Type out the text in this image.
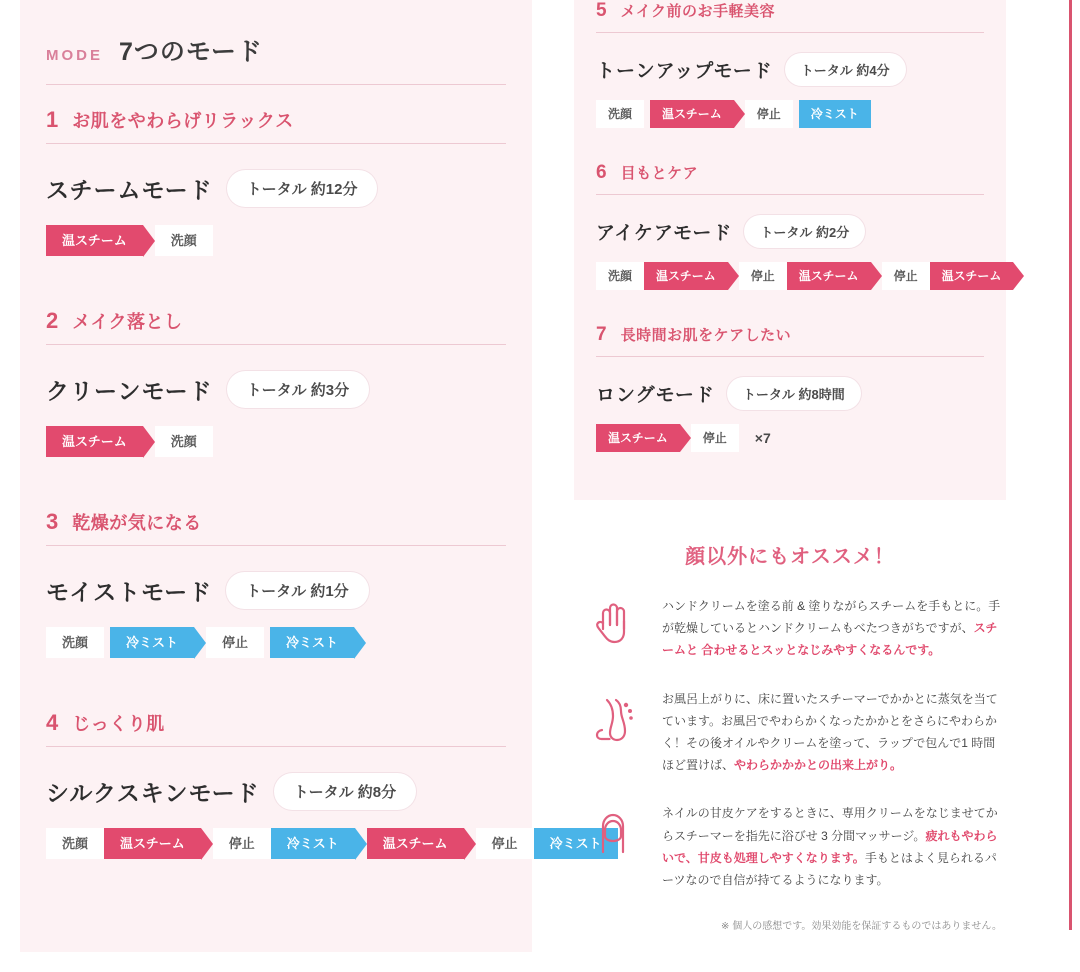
MODE 7つのモード
1 お肌をやわらげリラックス
スチームモード	トータル 約12分
温スチーム	洗顔
2 メイク落とし
クリーンモード	トータル 約3分
温スチーム	洗顔
3 乾燥が気になる
モイストモード	トータル 約1分
洗顔	冷ミスト	停止	冷ミスト
4 じっくり肌
シルクスキンモード	トータル 約8分
洗顔	温スチーム	停止	冷ミスト	温スチーム	停止	冷ミスト
5 メイク前のお手軽美容
トーンアップモード	トータル 約4分
洗顔	温スチーム	停止	冷ミスト
6 目もとケア
アイケアモード	トータル 約2分
洗顔	温スチーム	停止	温スチーム	停止	温スチーム
7 長時間お肌をケアしたい
ロングモード	トータル 約8時間
温スチーム	停止	×7
顔以外にもオススメ！
ハンドクリームを塗る前 & 塗りながらスチームを手もとに。手が乾燥しているとハンドクリームもべたつきがちですが、スチームと 合わせるとスッとなじみやすくなるんです。
お風呂上がりに、床に置いたスチーマーでかかとに蒸気を当てています。お風呂でやわらかくなったかかとをさらにやわらかく！その後オイルやクリームを塗って、ラップで包んで1 時間ほど置けば、やわらかかかとの出来上がり。
ネイルの甘皮ケアをするときに、専用クリームをなじませてからスチーマーを指先に浴びせ 3 分間マッサージ。疲れもやわらいで、甘皮も処理しやすくなります。手もとはよく見られるパーツなので自信が持てるようになります。
※ 個人の感想です。効果効能を保証するものではありません。
